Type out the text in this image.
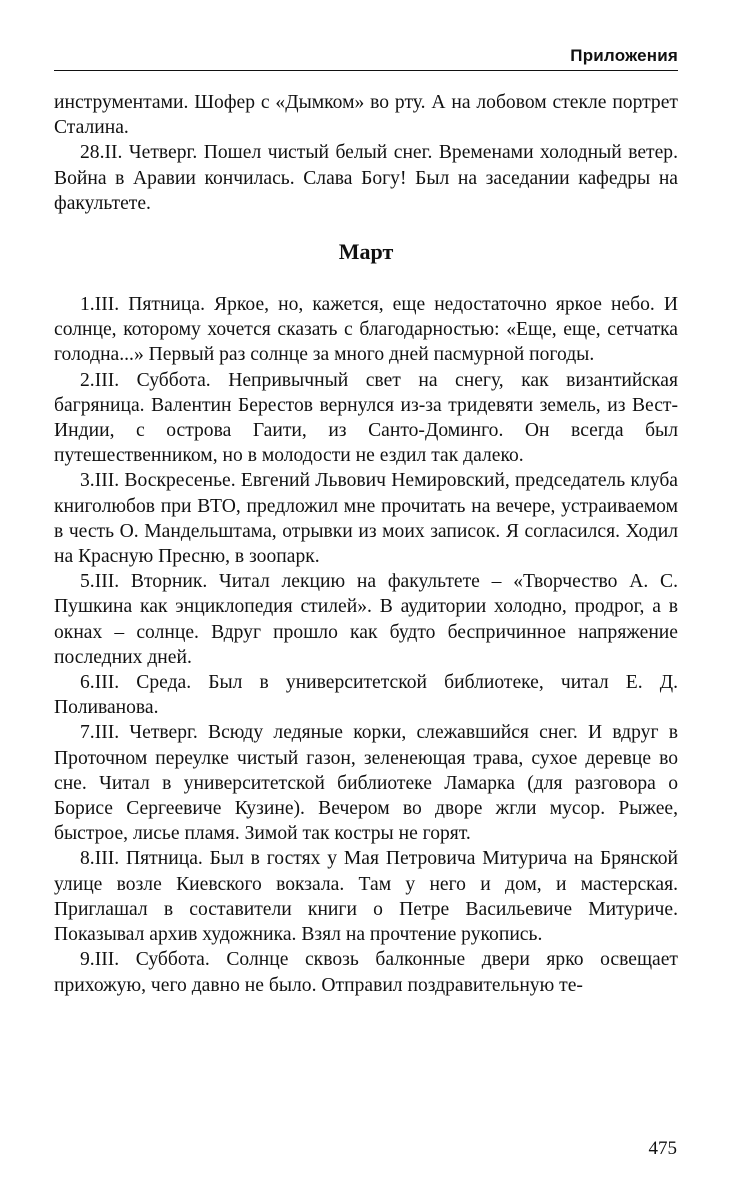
Приложения

инструментами. Шофер с «Дымком» во рту. А на лобовом стекле портрет Сталина.

28.II. Четверг. Пошел чистый белый снег. Временами холодный ветер. Война в Аравии кончилась. Слава Богу! Был на заседании кафедры на факультете.

Март

1.III. Пятница. Яркое, но, кажется, еще недостаточно яркое небо. И солнце, которому хочется сказать с благодарностью: «Еще, еще, сетчатка голодна...» Первый раз солнце за много дней пасмурной погоды.

2.III. Суббота. Непривычный свет на снегу, как византийская багряница. Валентин Берестов вернулся из-за тридевяти земель, из Вест-Индии, с острова Гаити, из Санто-Доминго. Он всегда был путешественником, но в молодости не ездил так далеко.

3.III. Воскресенье. Евгений Львович Немировский, председатель клуба книголюбов при ВТО, предложил мне прочитать на вечере, устраиваемом в честь О. Мандельштама, отрывки из моих записок. Я согласился. Ходил на Красную Пресню, в зоопарк.

5.III. Вторник. Читал лекцию на факультете – «Творчество А. С. Пушкина как энциклопедия стилей». В аудитории холодно, продрог, а в окнах – солнце. Вдруг прошло как будто беспричинное напряжение последних дней.

6.III. Среда. Был в университетской библиотеке, читал Е. Д. Поливанова.

7.III. Четверг. Всюду ледяные корки, слежавшийся снег. И вдруг в Проточном переулке чистый газон, зеленеющая трава, сухое деревце во сне. Читал в университетской библиотеке Ламарка (для разговора о Борисе Сергеевиче Кузине). Вечером во дворе жгли мусор. Рыжее, быстрое, лисье пламя. Зимой так костры не горят.

8.III. Пятница. Был в гостях у Мая Петровича Митурича на Брянской улице возле Киевского вокзала. Там у него и дом, и мастерская. Приглашал в составители книги о Петре Васильевиче Митуриче. Показывал архив художника. Взял на прочтение рукопись.

9.III. Суббота. Солнце сквозь балконные двери ярко освещает прихожую, чего давно не было. Отправил поздравительную те-

475
